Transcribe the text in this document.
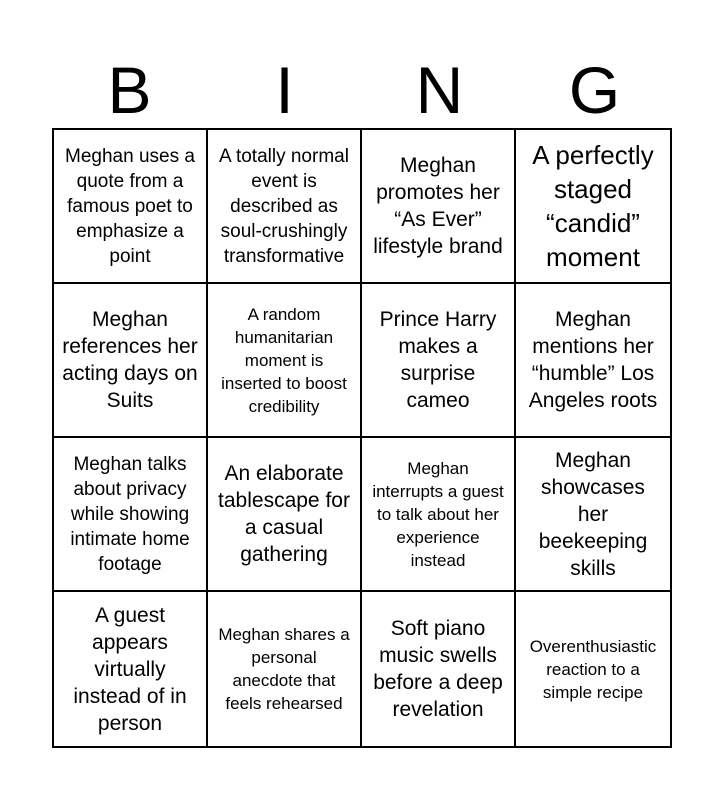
B	I	N	G
Meghan uses a quote from a famous poet to emphasize a point
A totally normal event is described as soul-crushingly transformative
Meghan promotes her “As Ever” lifestyle brand
A perfectly staged “candid” moment
Meghan references her acting days on Suits
A random humanitarian moment is inserted to boost credibility
Prince Harry makes a surprise cameo
Meghan mentions her “humble” Los Angeles roots
Meghan talks about privacy while showing intimate home footage
An elaborate tablescape for a casual gathering
Meghan interrupts a guest to talk about her experience instead
Meghan showcases her beekeeping skills
A guest appears virtually instead of in person
Meghan shares a personal anecdote that feels rehearsed
Soft piano music swells before a deep revelation
Overenthusiastic reaction to a simple recipe
